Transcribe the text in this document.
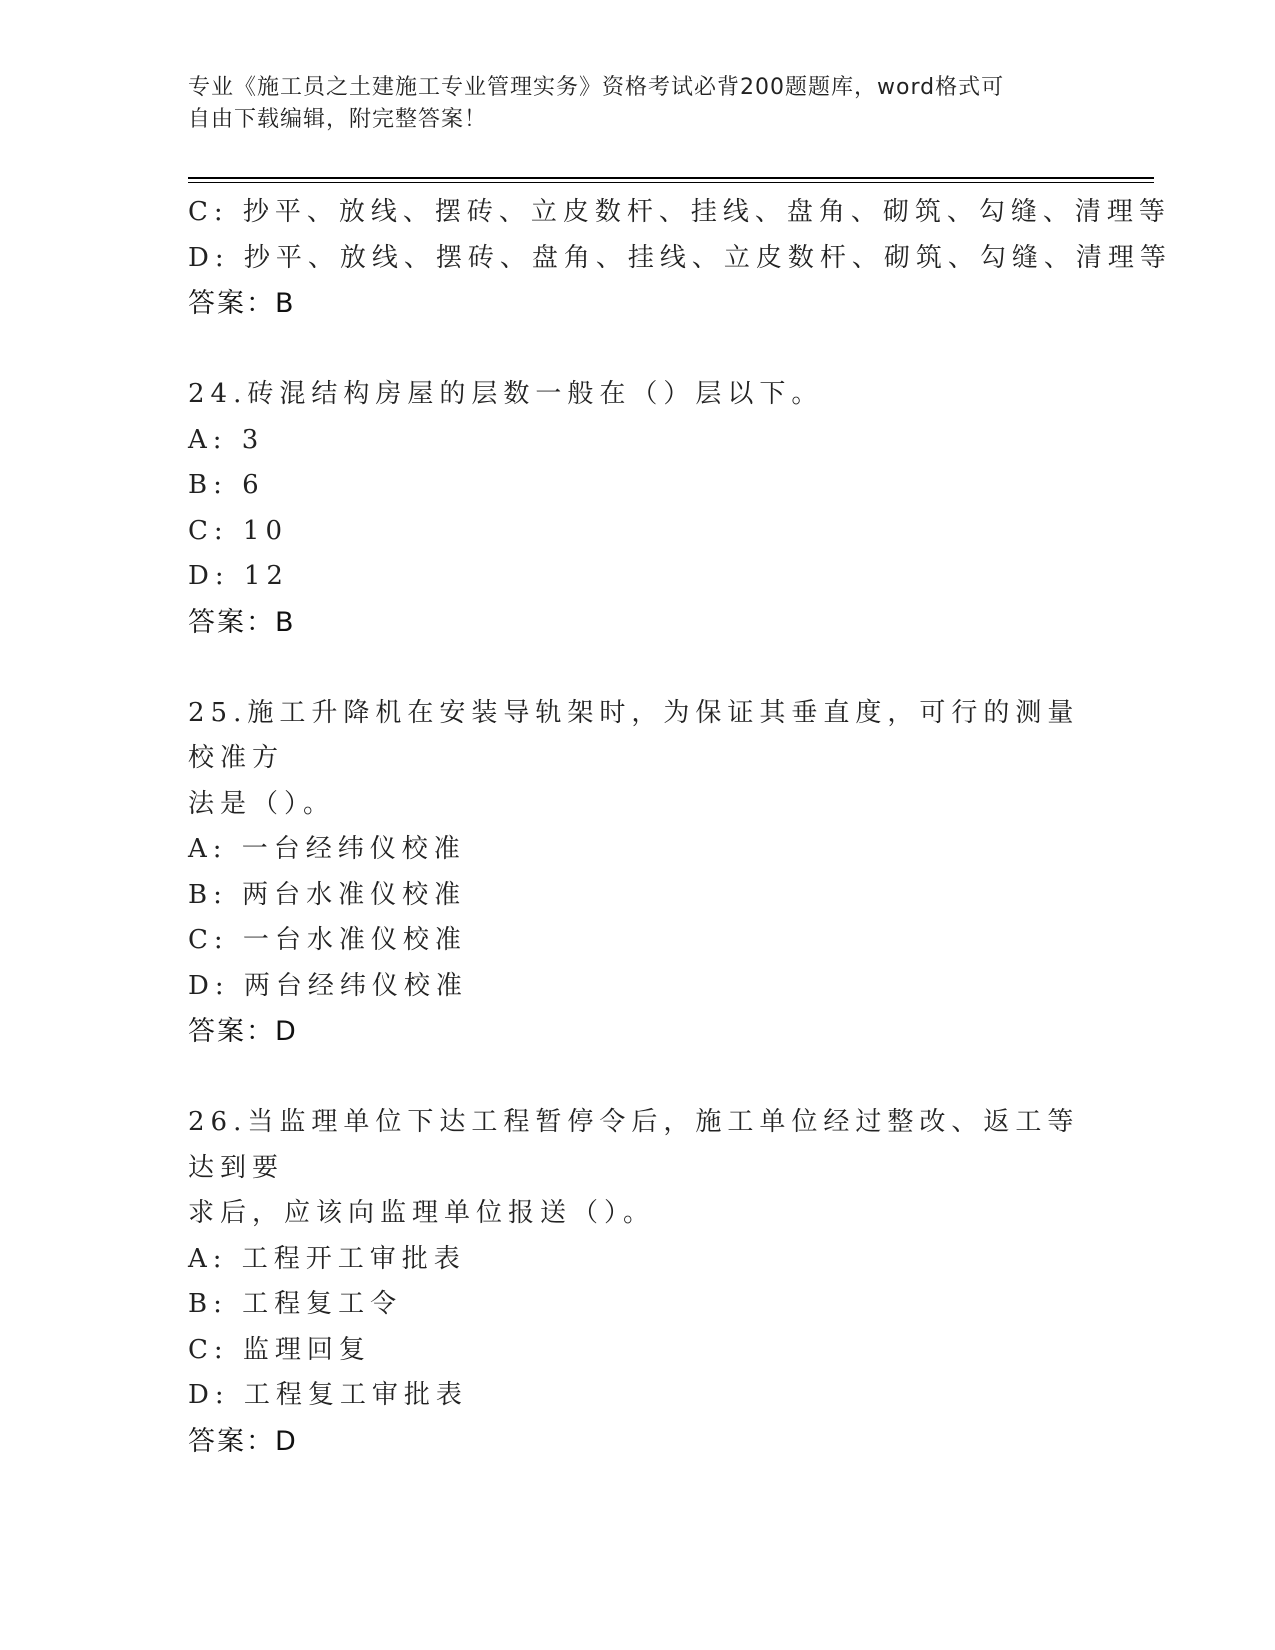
专业《施工员之土建施工专业管理实务》资格考试必背200题题库，word格式可
自由下载编辑，附完整答案！
C: 抄平、放线、摆砖、立皮数杆、挂线、盘角、砌筑、勾缝、清理等
D: 抄平、放线、摆砖、盘角、挂线、立皮数杆、砌筑、勾缝、清理等
答案：B
24.砖混结构房屋的层数一般在（）层以下。
A: 3
B: 6
C: 10
D: 12
答案：B
25.施工升降机在安装导轨架时，为保证其垂直度，可行的测量校准方
法是（）。
A: 一台经纬仪校准
B: 两台水准仪校准
C: 一台水准仪校准
D: 两台经纬仪校准
答案：D
26.当监理单位下达工程暂停令后，施工单位经过整改、返工等达到要
求后，应该向监理单位报送（）。
A: 工程开工审批表
B: 工程复工令
C: 监理回复
D: 工程复工审批表
答案：D
